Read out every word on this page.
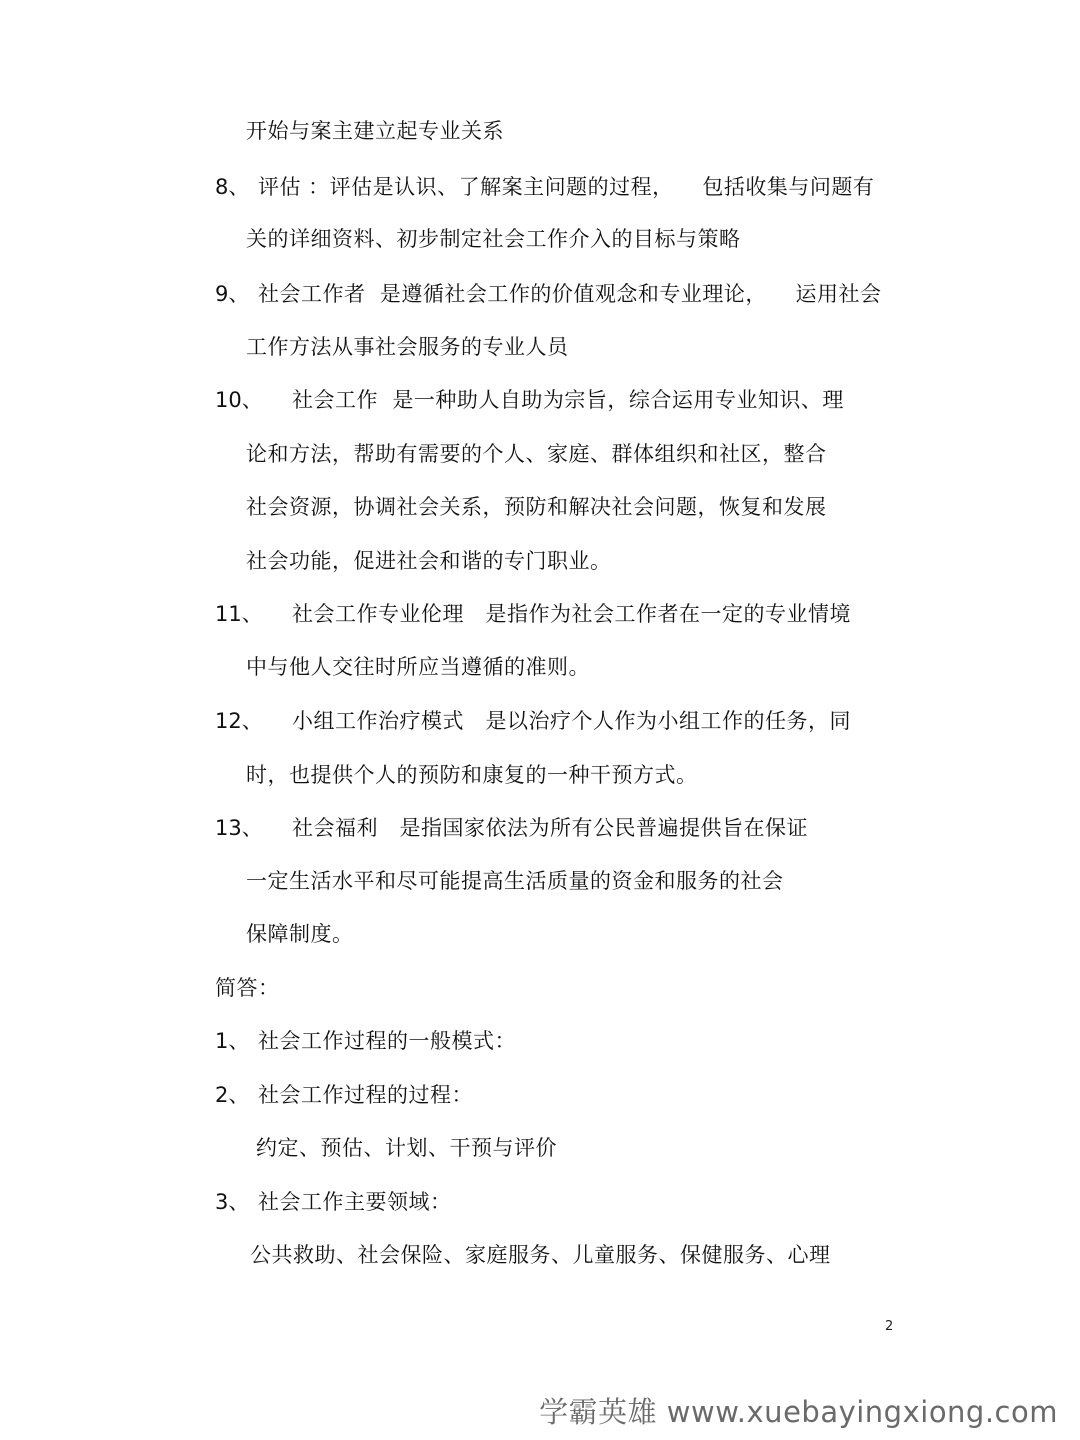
开始与案主建立起专业关系
8、 评估 ：评估是认识、了解案主问题的过程，    包括收集与问题有
关的详细资料、初步制定社会工作介入的目标与策略
9、 社会工作者  是遵循社会工作的价值观念和专业理论，    运用社会
工作方法从事社会服务的专业人员
10、 社会工作  是一种助人自助为宗旨，综合运用专业知识、理
论和方法，帮助有需要的个人、家庭、群体组织和社区，整合
社会资源，协调社会关系，预防和解决社会问题，恢复和发展
社会功能，促进社会和谐的专门职业。
11、 社会工作专业伦理   是指作为社会工作者在一定的专业情境
中与他人交往时所应当遵循的准则。
12、 小组工作治疗模式   是以治疗个人作为小组工作的任务，同
时，也提供个人的预防和康复的一种干预方式。
13、 社会福利   是指国家依法为所有公民普遍提供旨在保证
一定生活水平和尽可能提高生活质量的资金和服务的社会
保障制度。
简答：
1、 社会工作过程的一般模式：
2、 社会工作过程的过程：
约定、预估、计划、干预与评价
3、 社会工作主要领域：
公共救助、社会保险、家庭服务、儿童服务、保健服务、心理
2
学霸英雄 www.xuebayingxiong.com
